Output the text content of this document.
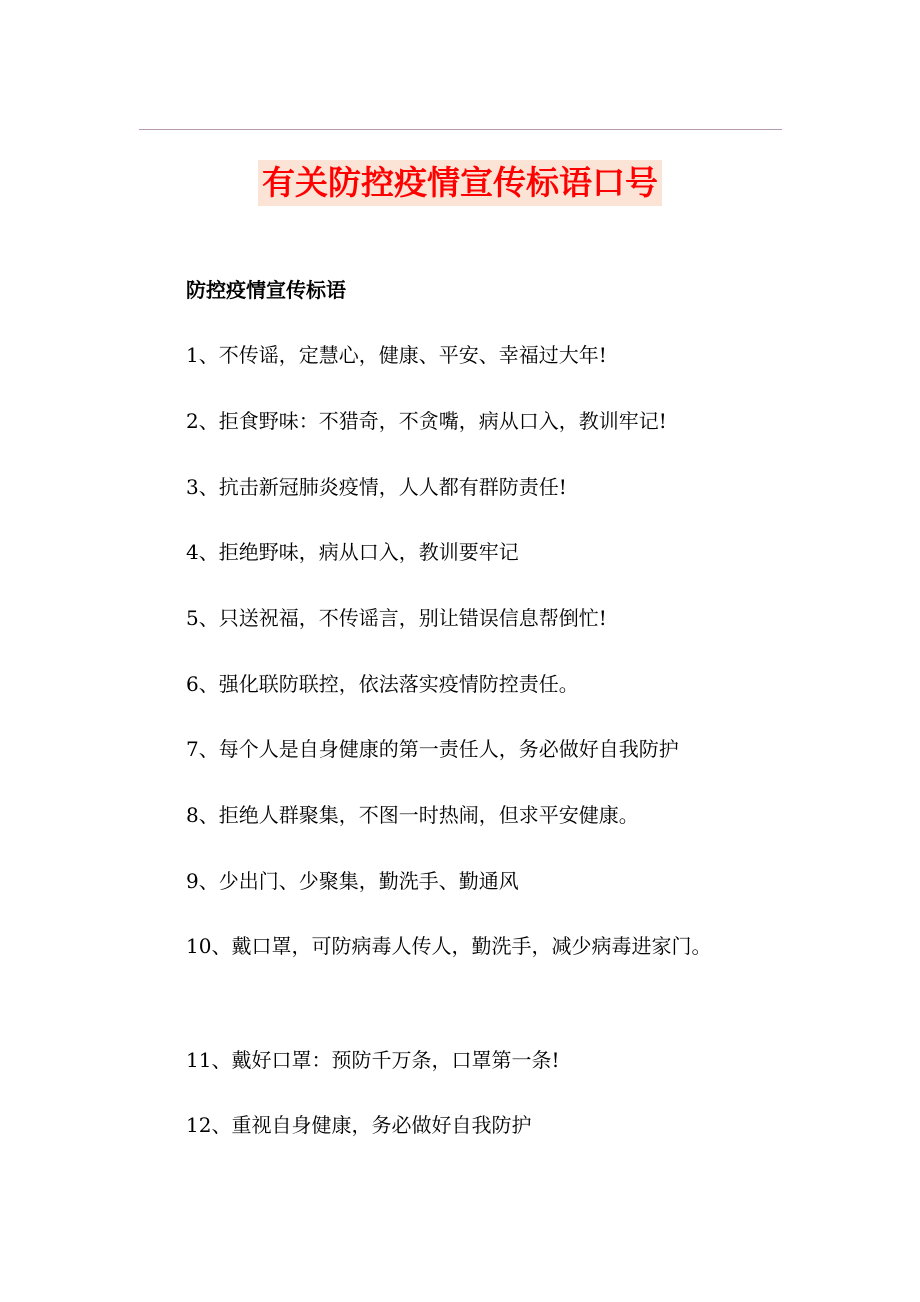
有关防控疫情宣传标语口号
防控疫情宣传标语
1、不传谣，定慧心，健康、平安、幸福过大年!
2、拒食野味：不猎奇，不贪嘴，病从口入，教训牢记!
3、抗击新冠肺炎疫情，人人都有群防责任!
4、拒绝野味，病从口入，教训要牢记
5、只送祝福，不传谣言，别让错误信息帮倒忙!
6、强化联防联控，依法落实疫情防控责任。
7、每个人是自身健康的第一责任人，务必做好自我防护
8、拒绝人群聚集，不图一时热闹，但求平安健康。
9、少出门、少聚集，勤洗手、勤通风
10、戴口罩，可防病毒人传人，勤洗手，减少病毒进家门。
11、戴好口罩：预防千万条，口罩第一条!
12、重视自身健康，务必做好自我防护
